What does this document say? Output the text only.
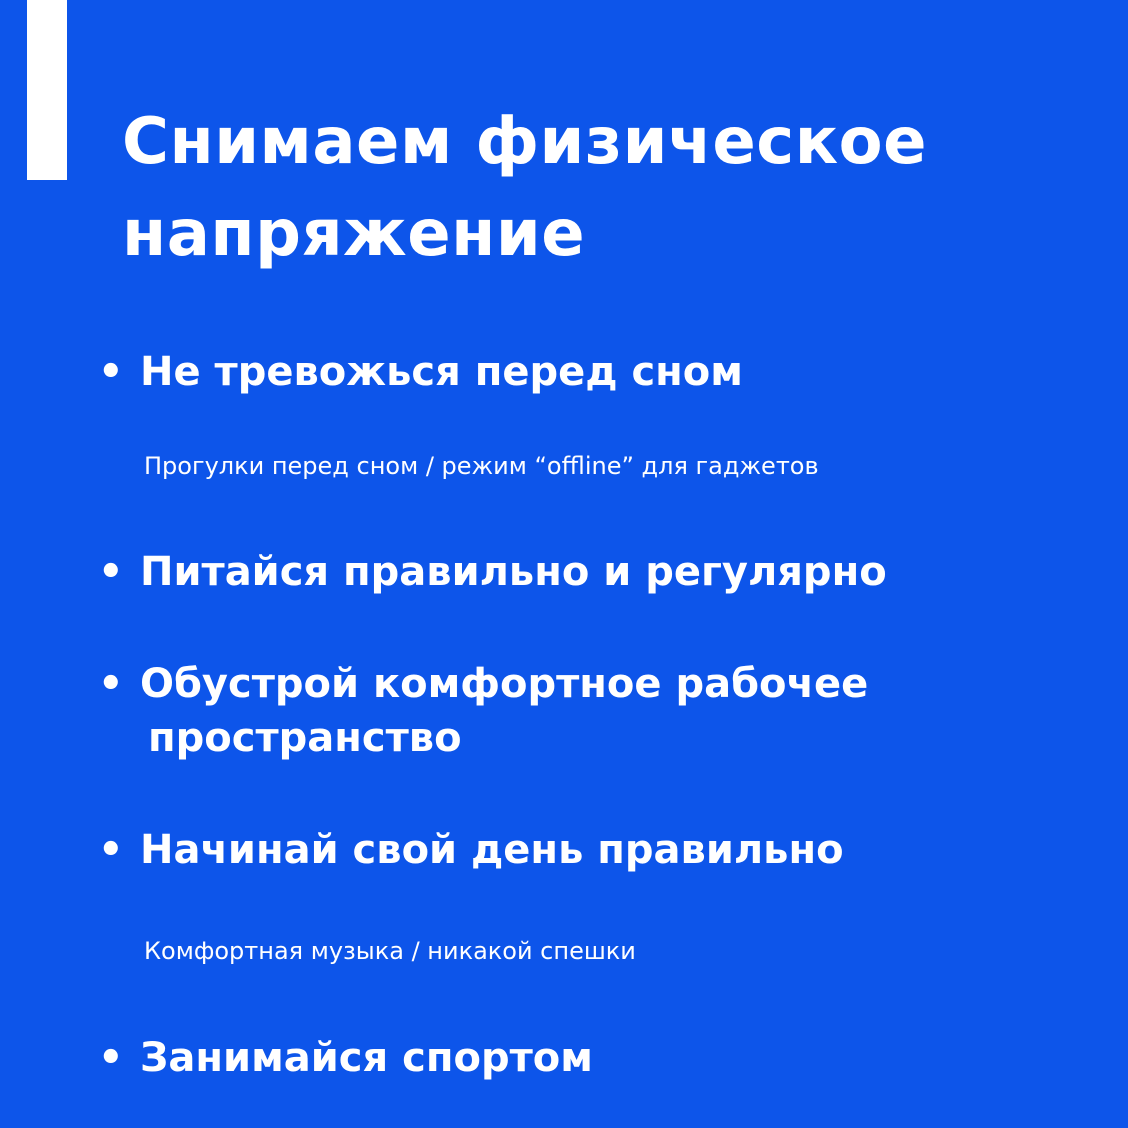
Снимаем физическое
напряжение
• Не тревожься перед сном

Прогулки перед сном / режим “offline” для гаджетов

• Питайся правильно и регулярно

• Обустрой комфортное рабочее
пространство

• Начинай свой день правильно

Комфортная музыка / никакой спешки

• Занимайся спортом
